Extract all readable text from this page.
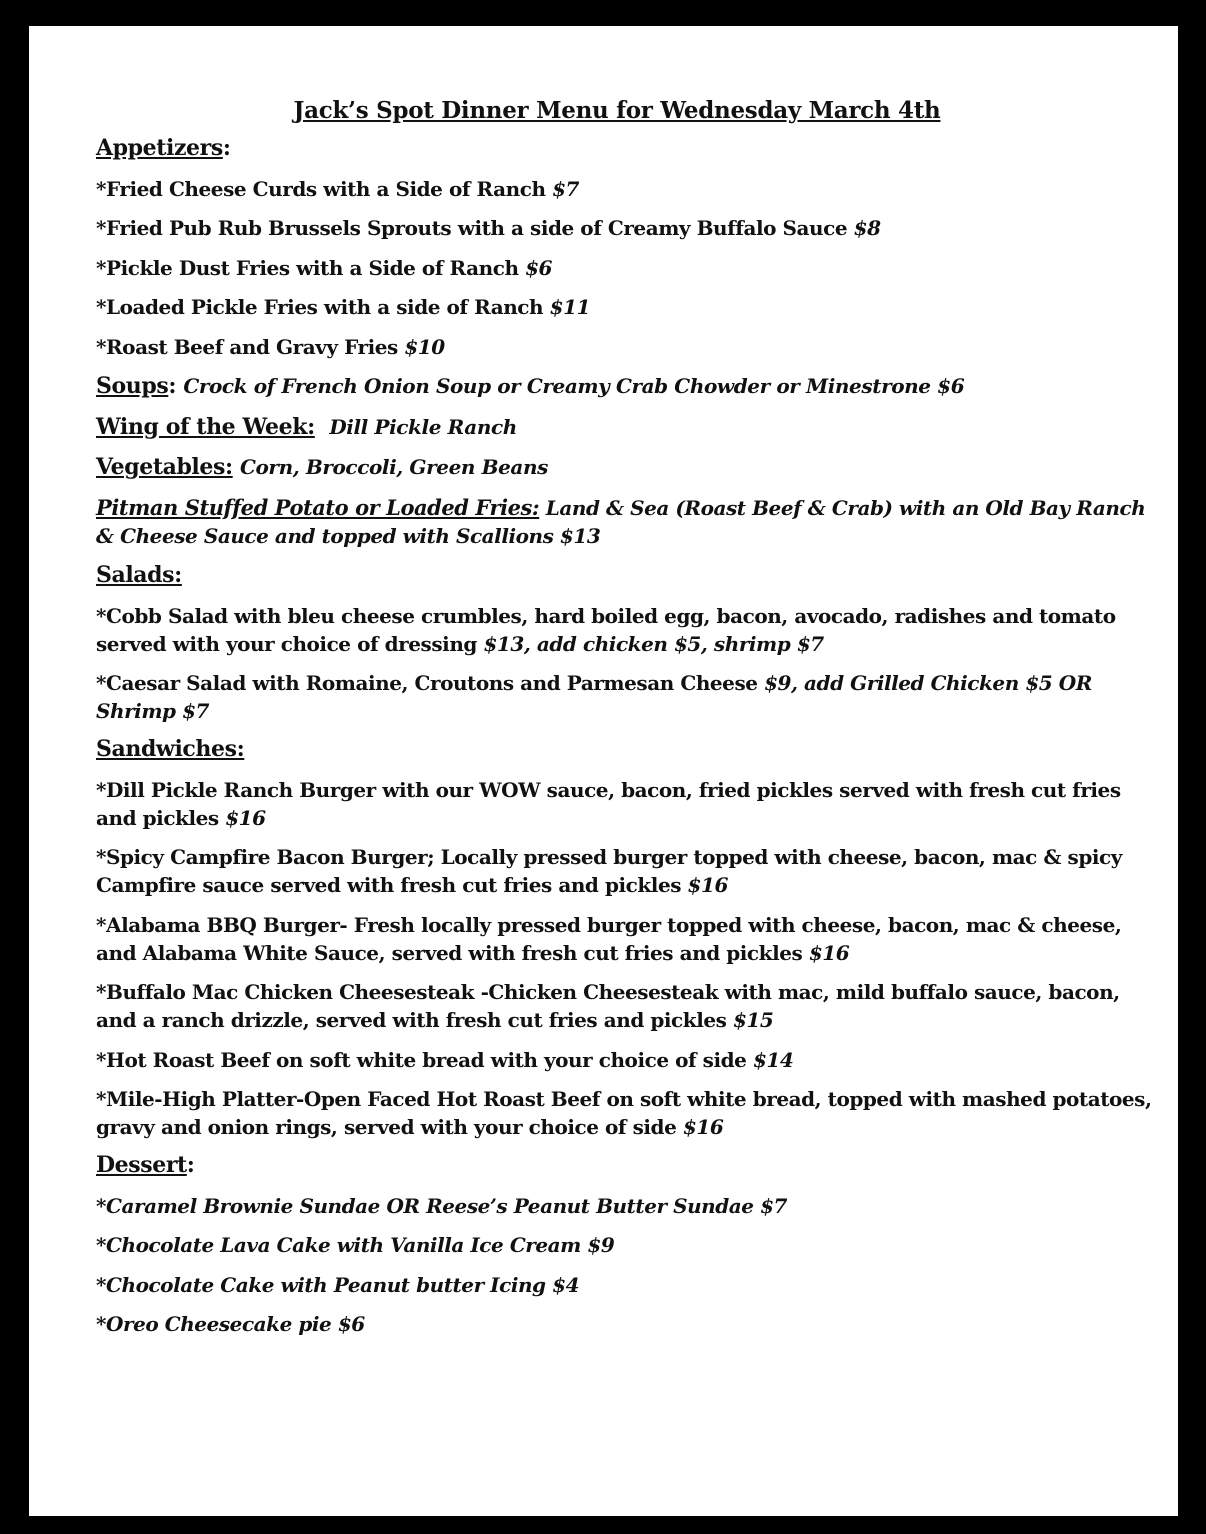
Jack’s Spot Dinner Menu for Wednesday March 4th
Appetizers:
*Fried Cheese Curds with a Side of Ranch $7
*Fried Pub Rub Brussels Sprouts with a side of Creamy Buffalo Sauce $8
*Pickle Dust Fries with a Side of Ranch $6
*Loaded Pickle Fries with a side of Ranch $11
*Roast Beef and Gravy Fries $10
Soups: Crock of French Onion Soup or Creamy Crab Chowder or Minestrone $6
Wing of the Week: Dill Pickle Ranch
Vegetables: Corn, Broccoli, Green Beans
Pitman Stuffed Potato or Loaded Fries: Land & Sea (Roast Beef & Crab) with an Old Bay Ranch & Cheese Sauce and topped with Scallions $13
Salads:
*Cobb Salad with bleu cheese crumbles, hard boiled egg, bacon, avocado, radishes and tomato served with your choice of dressing $13, add chicken $5, shrimp $7
*Caesar Salad with Romaine, Croutons and Parmesan Cheese $9, add Grilled Chicken $5 OR Shrimp $7
Sandwiches:
*Dill Pickle Ranch Burger with our WOW sauce, bacon, fried pickles served with fresh cut fries and pickles $16
*Spicy Campfire Bacon Burger; Locally pressed burger topped with cheese, bacon, mac & spicy Campfire sauce served with fresh cut fries and pickles $16
*Alabama BBQ Burger- Fresh locally pressed burger topped with cheese, bacon, mac & cheese, and Alabama White Sauce, served with fresh cut fries and pickles $16
*Buffalo Mac Chicken Cheesesteak -Chicken Cheesesteak with mac, mild buffalo sauce, bacon, and a ranch drizzle, served with fresh cut fries and pickles $15
*Hot Roast Beef on soft white bread with your choice of side $14
*Mile-High Platter-Open Faced Hot Roast Beef on soft white bread, topped with mashed potatoes, gravy and onion rings, served with your choice of side $16
Dessert:
*Caramel Brownie Sundae OR Reese’s Peanut Butter Sundae $7
*Chocolate Lava Cake with Vanilla Ice Cream $9
*Chocolate Cake with Peanut butter Icing $4
*Oreo Cheesecake pie $6
